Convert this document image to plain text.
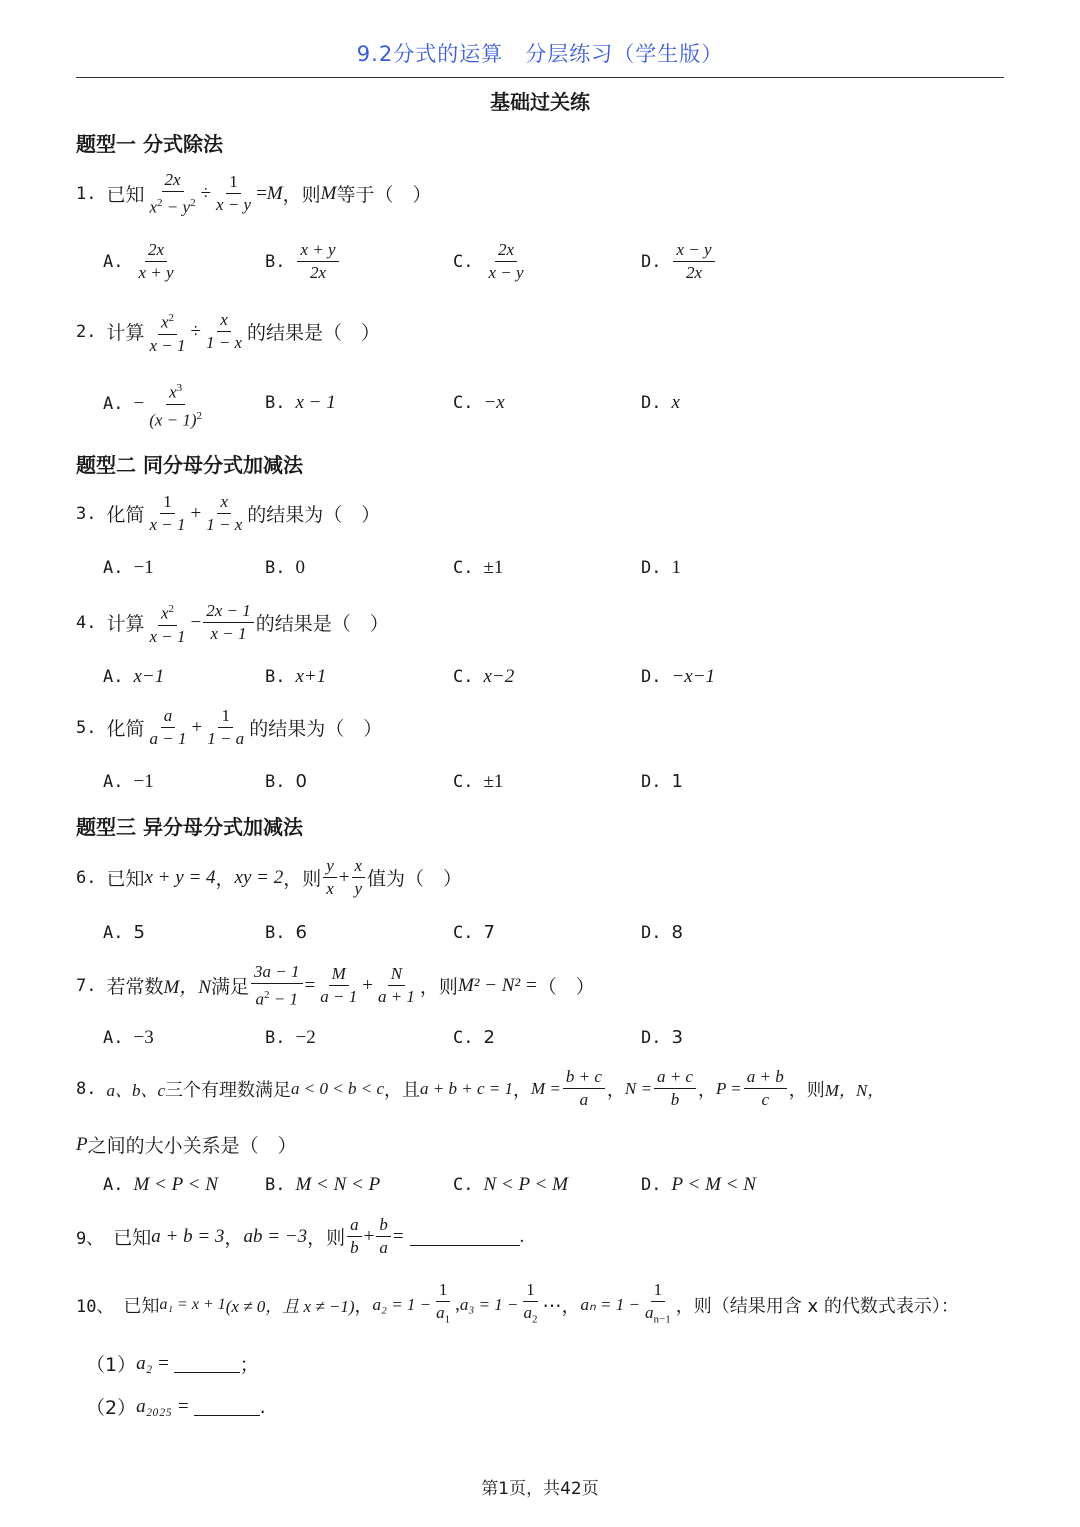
9.2分式的运算　分层练习（学生版）
基础过关练
题型一 分式除法
1. 已知 $\frac{2x}{x^2 - y^2} \div \frac{1}{x - y} = M$ ，则 M 等于（　）
A. $\frac{2x}{x + y}$	B. $\frac{x + y}{2x}$	C. $\frac{2x}{x - y}$	D. $\frac{x - y}{2x}$
2. 计算 $\frac{x^2}{x - 1} \div \frac{x}{1 - x}$ 的结果是（　）
A. − $\frac{x^3}{(x - 1)^2}$	B. x − 1	C. −x	D. x
题型二 同分母分式加减法
3. 化简 $\frac{1}{x - 1} + \frac{x}{1 - x}$ 的结果为（　）
A. −1	B. 0	C. ±1	D. 1
4. 计算 $\frac{x^2}{x - 1} - \frac{2x - 1}{x - 1}$ 的结果是（　）
A. x−1	B. x+1	C. x−2	D. −x−1
5. 化简 $\frac{a}{a - 1} + \frac{1}{1 - a}$ 的结果为（　）
A. −1	B. 0	C. ±1	D. 1
题型三 异分母分式加减法
6. 已知 x + y = 4 ， xy = 2 ，则 $\frac{y}{x} + \frac{x}{y}$ 值为（　）
A. 5	B. 6	C. 7	D. 8
7. 若常数 M，N 满足 $\frac{3a - 1}{a^2 - 1} = \frac{M}{a - 1} + \frac{N}{a + 1}$ ，则 M² − N² = （　）
A. −3	B. −2	C. 2	D. 3
8. a、b、c 三个有理数满足 a < 0 < b < c ，且 a + b + c = 1 ， $M = \frac{b + c}{a}$ ， $N = \frac{a + c}{b}$ ， $P = \frac{a + b}{c}$ ，则 M，N，
P 之间的大小关系是（　）
A. M < P < N	B. M < N < P	C. N < P < M	D. P < M < N
9、 已知 a + b = 3 ， ab = −3 ，则 $\frac{a}{b} + \frac{b}{a}$ =	.
10、 已知 a₁ = x + 1 (x ≠ 0，且 x ≠ −1) ， $a_2 = 1 - \frac{1}{a_1}$ , $a_3 = 1 - \frac{1}{a_2}$ ⋯， $a_n = 1 - \frac{1}{a_{n-1}}$ ，则（结果用含 x 的代数式表示）：
（1） a₂ =	；
（2） a₂₀₂₅ =	.
第1页，共42页
